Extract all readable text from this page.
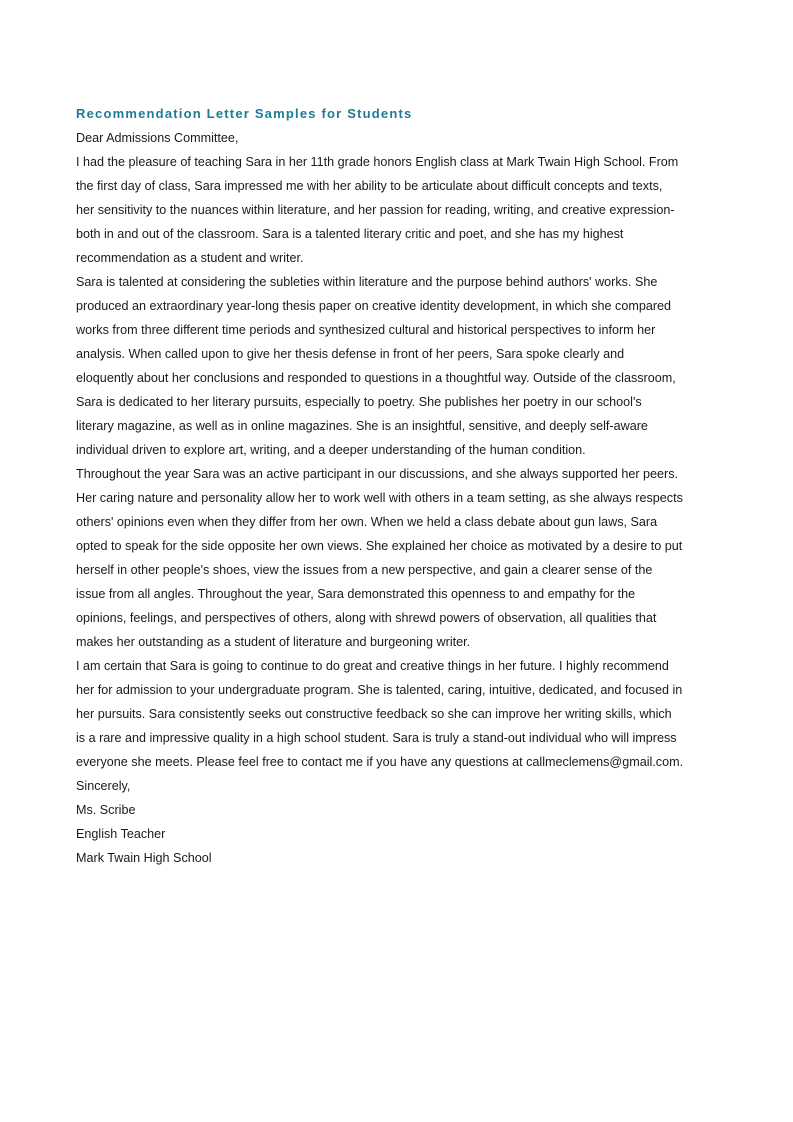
Recommendation Letter Samples for Students
Dear Admissions Committee,
I had the pleasure of teaching Sara in her 11th grade honors English class at Mark Twain High School. From
the first day of class, Sara impressed me with her ability to be articulate about difficult concepts and texts,
her sensitivity to the nuances within literature, and her passion for reading, writing, and creative expression-
both in and out of the classroom. Sara is a talented literary critic and poet, and she has my highest
recommendation as a student and writer.
Sara is talented at considering the subleties within literature and the purpose behind authors' works. She
produced an extraordinary year-long thesis paper on creative identity development, in which she compared
works from three different time periods and synthesized cultural and historical perspectives to inform her
analysis. When called upon to give her thesis defense in front of her peers, Sara spoke clearly and
eloquently about her conclusions and responded to questions in a thoughtful way. Outside of the classroom,
Sara is dedicated to her literary pursuits, especially to poetry. She publishes her poetry in our school's
literary magazine, as well as in online magazines. She is an insightful, sensitive, and deeply self-aware
individual driven to explore art, writing, and a deeper understanding of the human condition.
Throughout the year Sara was an active participant in our discussions, and she always supported her peers.
Her caring nature and personality allow her to work well with others in a team setting, as she always respects
others' opinions even when they differ from her own. When we held a class debate about gun laws, Sara
opted to speak for the side opposite her own views. She explained her choice as motivated by a desire to put
herself in other people's shoes, view the issues from a new perspective, and gain a clearer sense of the
issue from all angles. Throughout the year, Sara demonstrated this openness to and empathy for the
opinions, feelings, and perspectives of others, along with shrewd powers of observation, all qualities that
makes her outstanding as a student of literature and burgeoning writer.
I am certain that Sara is going to continue to do great and creative things in her future. I highly recommend
her for admission to your undergraduate program. She is talented, caring, intuitive, dedicated, and focused in
her pursuits. Sara consistently seeks out constructive feedback so she can improve her writing skills, which
is a rare and impressive quality in a high school student. Sara is truly a stand-out individual who will impress
everyone she meets. Please feel free to contact me if you have any questions at callmeclemens@gmail.com.
Sincerely,
Ms. Scribe
English Teacher
Mark Twain High School
